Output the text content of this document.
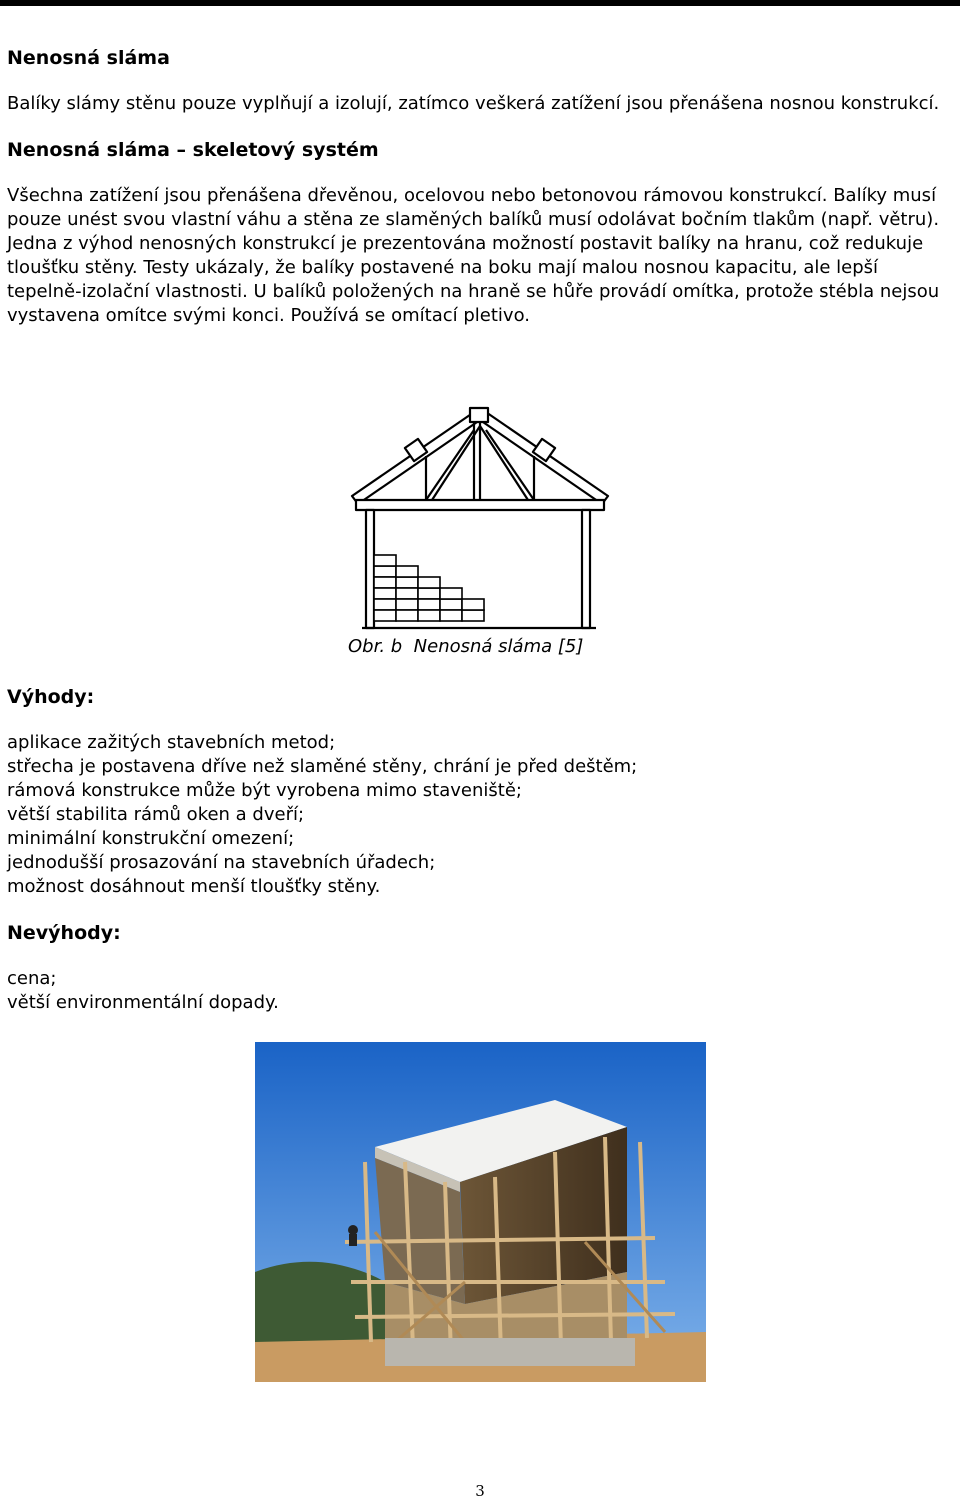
Nenosná sláma

Balíky slámy stěnu pouze vyplňují a izolují, zatímco veškerá zatížení jsou přenášena nosnou konstrukcí.

Nenosná sláma – skeletový systém

Všechna zatížení jsou přenášena dřevěnou, ocelovou nebo betonovou rámovou konstrukcí. Balíky musí pouze unést svou vlastní váhu a stěna ze slaměných balíků musí odolávat bočním tlakům (např. větru). Jedna z výhod nenosných konstrukcí je prezentována možností postavit balíky na hranu, což redukuje tloušťku stěny. Testy ukázaly, že balíky postavené na boku mají malou nosnou kapacitu, ale lepší tepelně-izolační vlastnosti. U balíků položených na hraně se hůře provádí omítka, protože stébla nejsou vystavena omítce svými konci. Používá se omítací pletivo.

Obr. b Nenosná sláma [5]
Výhody:
aplikace zažitých stavebních metod;
střecha je postavena dříve než slaměné stěny, chrání je před deštěm;
rámová konstrukce může být vyrobena mimo staveniště;
větší stabilita rámů oken a dveří;
minimální konstrukční omezení;
jednodušší prosazování na stavebních úřadech;
možnost dosáhnout menší tloušťky stěny.
Nevýhody:
cena;
větší environmentální dopady.
3
